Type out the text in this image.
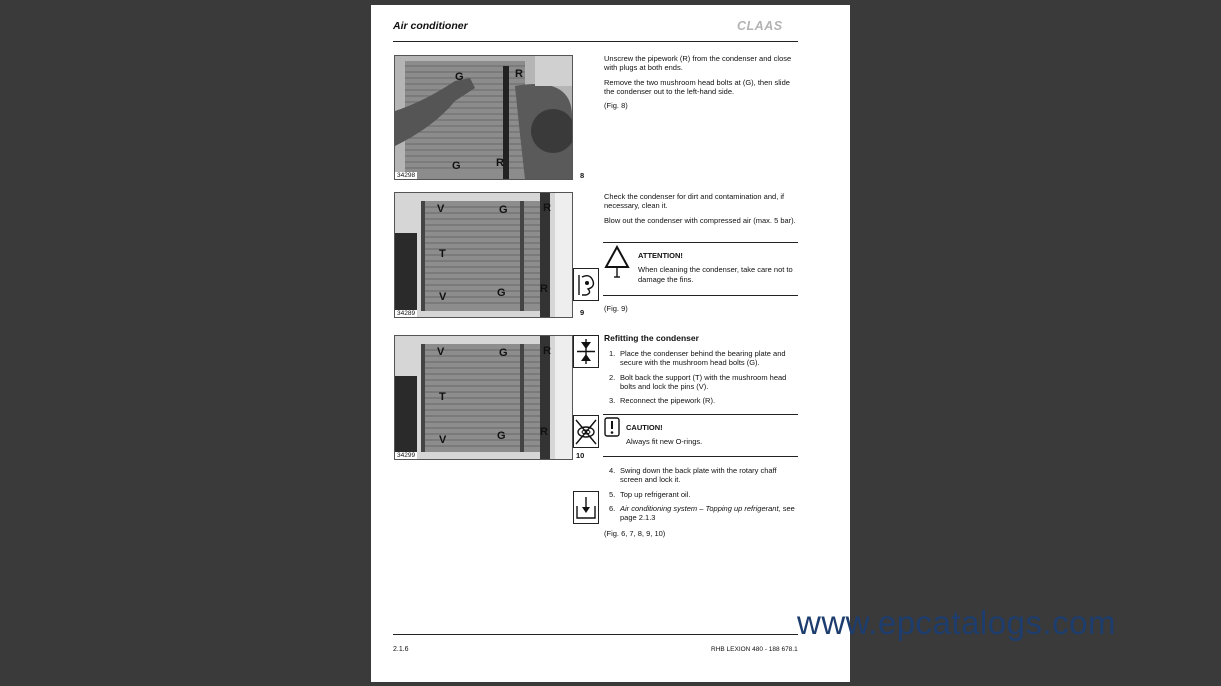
Air conditioner	CLAAS
G	R
G	R
34298	8
V	G	R
T
V	G	R
34289	9
V	G	R
T
V	G	R
34299	10

Unscrew the pipework (R) from the condenser and close with plugs at both ends.

Remove the two mushroom head bolts at (G), then slide the condenser out to the left-hand side.

(Fig. 8)

Check the condenser for dirt and contamination and, if necessary, clean it.

Blow out the condenser with compressed air (max. 5 bar).

ATTENTION!

When cleaning the condenser, take care not to damage the fins.

(Fig. 9)
Refitting the condenser
1. Place the condenser behind the bearing plate and secure with the mushroom head bolts (G).
2. Bolt back the support (T) with the mushroom head bolts and lock the pins (V).
3. Reconnect the pipework (R).

CAUTION!

Always fit new O-rings.

4. Swing down the back plate with the rotary chaff screen and lock it.
5. Top up refrigerant oil.
6. Air conditioning system – Topping up refrigerant, see page 2.1.3
(Fig. 6, 7, 8, 9, 10)
2.1.6	RHB LEXION 480 - 188 678.1
www.epcatalogs.com
